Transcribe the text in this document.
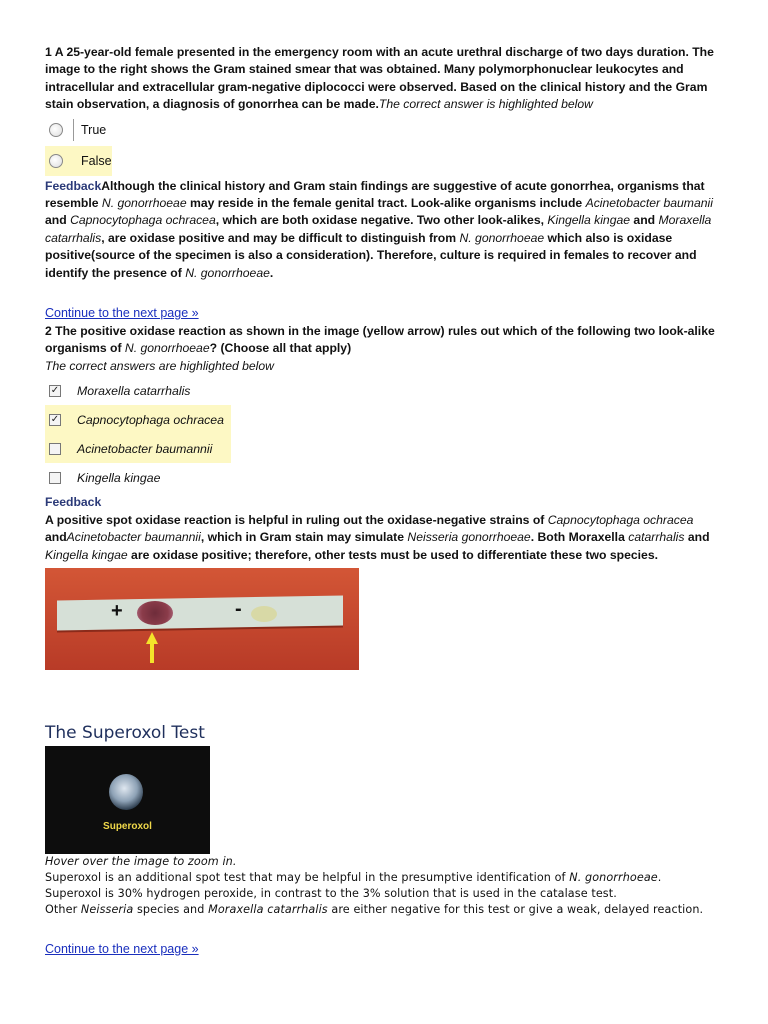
1 A 25-year-old female presented in the emergency room with an acute urethral discharge of two days duration. The image to the right shows the Gram stained smear that was obtained. Many polymorphonuclear leukocytes and intracellular and extracellular gram-negative diplococci were observed. Based on the clinical history and the Gram stain observation, a diagnosis of gonorrhea can be made.The correct answer is highlighted below

True
False

FeedbackAlthough the clinical history and Gram stain findings are suggestive of acute gonorrhea, organisms that resemble N. gonorrhoeae may reside in the female genital tract. Look-alike organisms include Acinetobacter baumanii and Capnocytophaga ochracea, which are both oxidase negative. Two other look-alikes, Kingella kingae and Moraxella catarrhalis, are oxidase positive and may be difficult to distinguish from N. gonorrhoeae which also is oxidase positive(source of the specimen is also a consideration). Therefore, culture is required in females to recover and identify the presence of N. gonorrhoeae.

Continue to the next page »

2 The positive oxidase reaction as shown in the image (yellow arrow) rules out which of the following two look-alike organisms of N. gonorrhoeae? (Choose all that apply)
The correct answers are highlighted below

✓ Moraxella catarrhalis
✓ Capnocytophaga ochracea
Acinetobacter baumannii
Kingella kingae

Feedback
A positive spot oxidase reaction is helpful in ruling out the oxidase-negative strains of Capnocytophaga ochracea andAcinetobacter baumannii, which in Gram stain may simulate Neisseria gonorrhoeae. Both Moraxella catarrhalis and Kingella kingae are oxidase positive; therefore, other tests must be used to differentiate these two species.

+	-
The Superoxol Test
Superoxol

Hover over the image to zoom in.

Superoxol is an additional spot test that may be helpful in the presumptive identification of N. gonorrhoeae.

Superoxol is 30% hydrogen peroxide, in contrast to the 3% solution that is used in the catalase test.

Other Neisseria species and Moraxella catarrhalis are either negative for this test or give a weak, delayed reaction.

Continue to the next page »
